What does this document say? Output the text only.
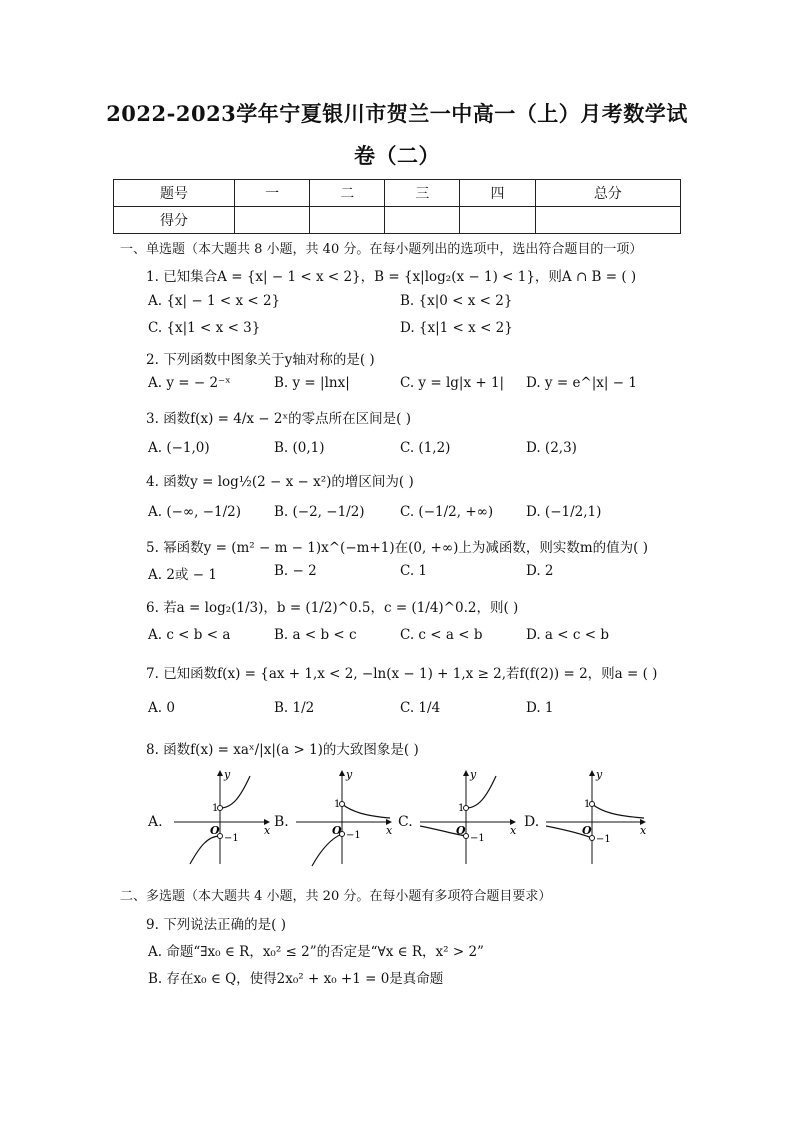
2022-2023学年宁夏银川市贺兰一中高一（上）月考数学试
卷（二）
题号	一	二	三	四	总分
得分					
一、单选题（本大题共 8 小题，共 40 分。在每小题列出的选项中，选出符合题目的一项）
1. 已知集合A = {x| − 1 < x < 2}，B = {x|log₂(x − 1) < 1}，则A ∩ B = ( )
A. {x| − 1 < x < 2}	B. {x|0 < x < 2}
C. {x|1 < x < 3}	D. {x|1 < x < 2}
2. 下列函数中图象关于y轴对称的是( )
A. y = − 2⁻ˣ	B. y = |lnx|	C. y = lg|x + 1| D. y = e^|x| − 1
3. 函数f(x) = 4/x − 2ˣ的零点所在区间是( )
A. (−1,0)	B. (0,1)	C. (1,2)	D. (2,3)
4. 函数y = log½(2 − x − x²)的增区间为( )
A. (−∞, −1/2) B. (−2, −1/2)	C. (−1/2, +∞) D. (−1/2,1)
5. 幂函数y = (m² − m − 1)x^(−m+1)在(0, +∞)上为减函数，则实数m的值为( )
A. 2或 − 1	B. − 2	C. 1	D. 2
6. 若a = log₂(1/3)，b = (1/2)^0.5，c = (1/4)^0.2，则( )
A. c < b < a	B. a < b < c	C. c < a < b	D. a < c < b
7. 已知函数f(x) = {ax + 1,x < 2, −ln(x − 1) + 1,x ≥ 2,若f(f(2)) = 2，则a = ( )
A. 0	B. 1/2	C. 1/4	D. 1
8. 函数f(x) = xaˣ/|x|(a > 1)的大致图象是( )
A.
y
x
O
1
−1
B.
y
x
O
1
−1
C.
y
x
O
1
−1
D.
y
x
O
1
−1
二、多选题（本大题共 4 小题，共 20 分。在每小题有多项符合题目要求）
9. 下列说法正确的是( )
A. 命题“∃x₀ ∈ R，x₀² ≤ 2”的否定是“∀x ∈ R，x² > 2”
B. 存在x₀ ∈ Q，使得2x₀² + x₀ +1 = 0是真命题
